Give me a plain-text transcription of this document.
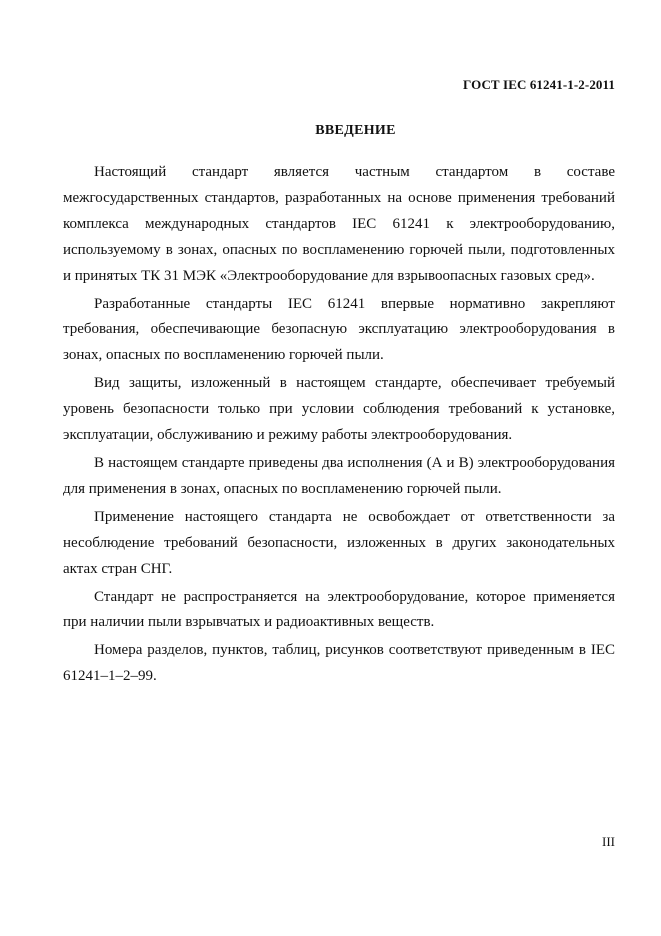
ГОСТ IEC 61241-1-2-2011
ВВЕДЕНИЕ

Настоящий стандарт является частным стандартом в составе межгосударственных стандартов, разработанных на основе применения требований комплекса международных стандартов IEC 61241 к электрооборудованию, используемому в зонах, опасных по воспламенению горючей пыли, подготовленных и принятых ТК 31 МЭК «Электрооборудование для взрывоопасных газовых сред».

Разработанные стандарты IEC 61241 впервые нормативно закрепляют требования, обеспечивающие безопасную эксплуатацию электрооборудования в зонах, опасных по воспламенению горючей пыли.

Вид защиты, изложенный в настоящем стандарте, обеспечивает требуемый уровень безопасности только при условии соблюдения требований к установке, эксплуатации, обслуживанию и режиму работы электрооборудования.

В настоящем стандарте приведены два исполнения (А и В) электрооборудования для применения в зонах, опасных по воспламенению горючей пыли.

Применение настоящего стандарта не освобождает от ответственности за несоблюдение требований безопасности, изложенных в других законодательных актах стран СНГ.

Стандарт не распространяется на электрооборудование, которое применяется при наличии пыли взрывчатых и радиоактивных веществ.

Номера разделов, пунктов, таблиц, рисунков соответствуют приведенным в IEC 61241–1–2–99.

III
